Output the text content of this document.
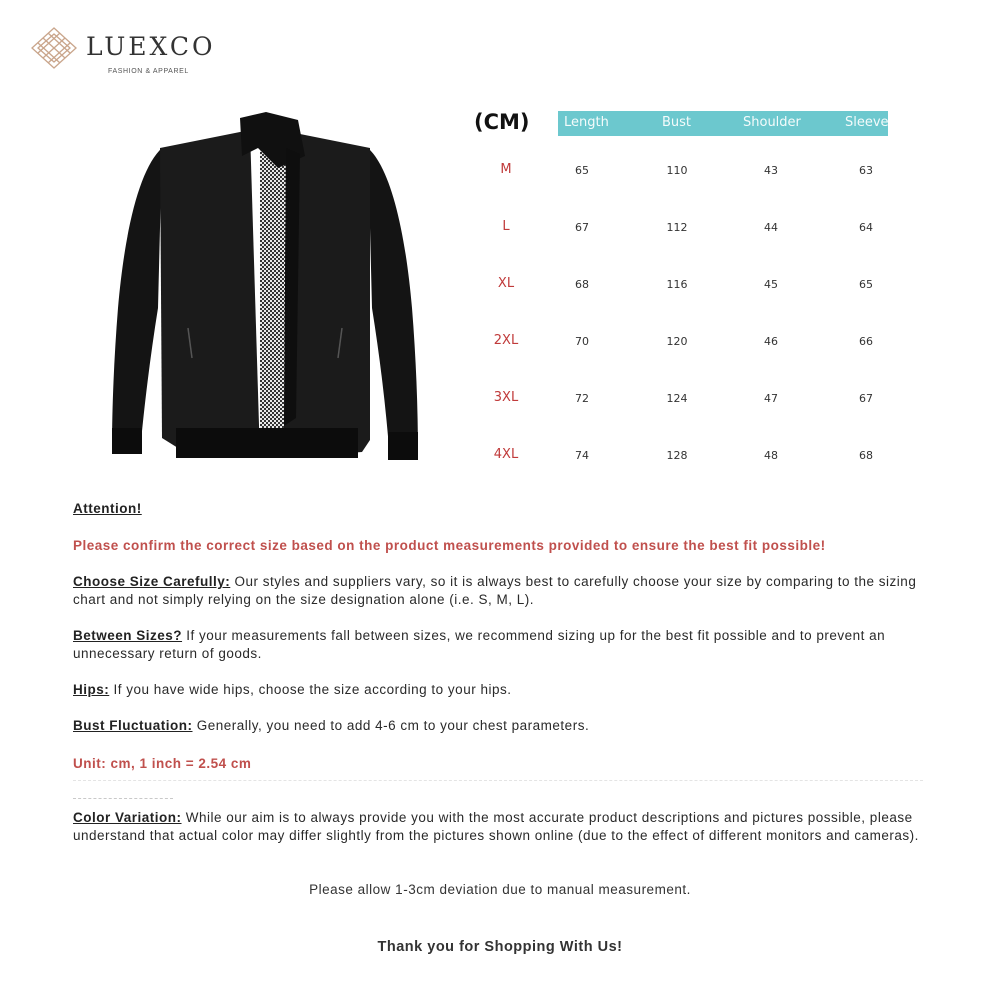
LUEXCO
FASHION & APPAREL
(CM)	Length	Bust	Shoulder	Sleeve
M	65	110	43	63
L	67	112	44	64
XL	68	116	45	65
2XL	70	120	46	66
3XL	72	124	47	67
4XL	74	128	48	68
Attention!
Please confirm the correct size based on the product measurements provided to ensure the best fit possible!
Choose Size Carefully: Our styles and suppliers vary, so it is always best to carefully choose your size by comparing to the sizing chart and not simply relying on the size designation alone (i.e. S, M, L).
Between Sizes? If your measurements fall between sizes, we recommend sizing up for the best fit possible and to prevent an unnecessary return of goods.
Hips: If you have wide hips, choose the size according to your hips.
Bust Fluctuation: Generally, you need to add 4-6 cm to your chest parameters.
Unit: cm, 1 inch = 2.54 cm
Color Variation: While our aim is to always provide you with the most accurate product descriptions and pictures possible, please understand that actual color may differ slightly from the pictures shown online (due to the effect of different monitors and cameras).
Please allow 1-3cm deviation due to manual measurement.
Thank you for Shopping With Us!
